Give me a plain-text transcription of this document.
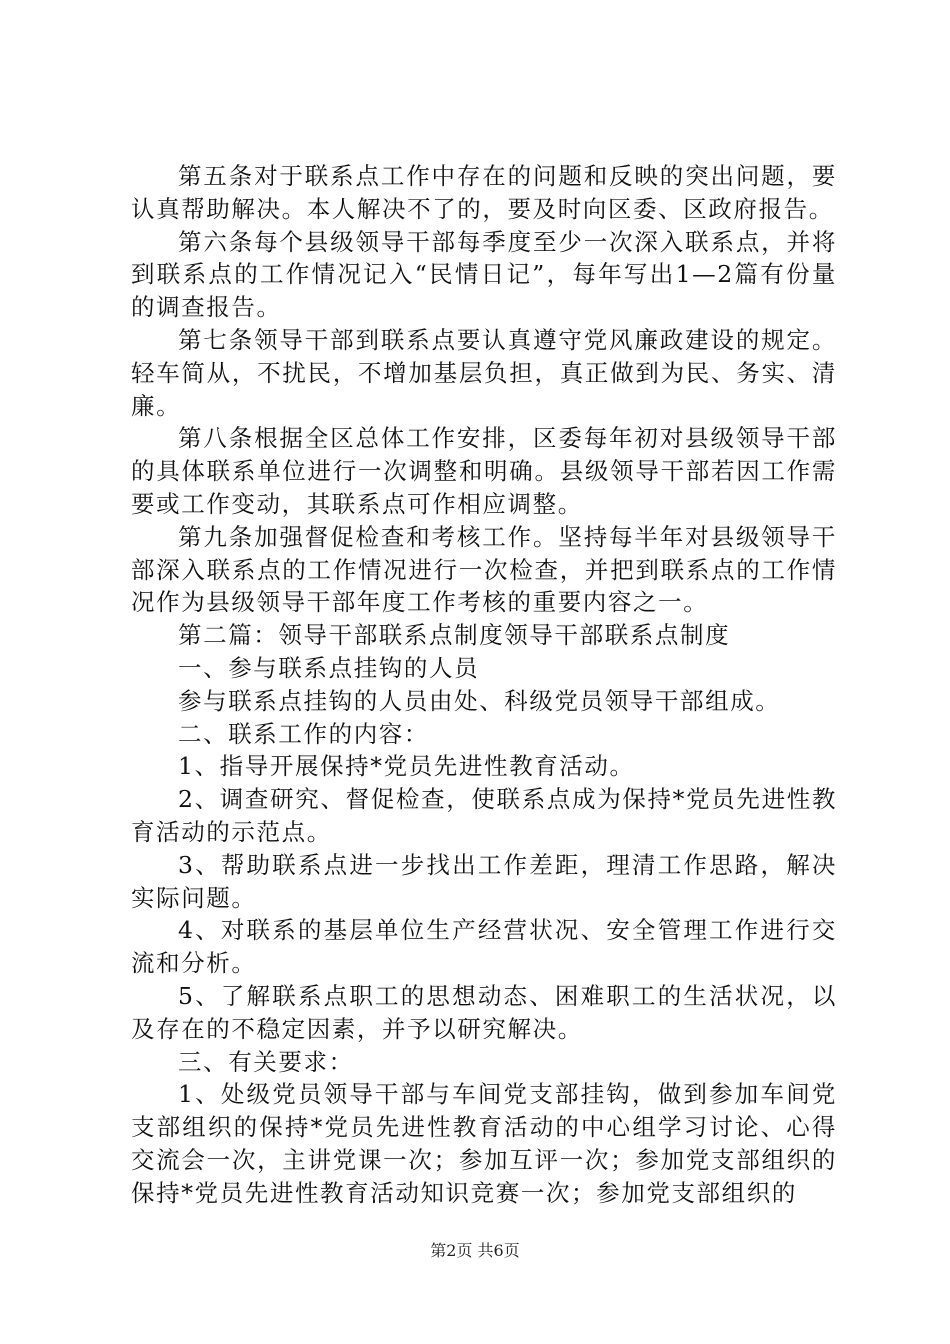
第五条对于联系点工作中存在的问题和反映的突出问题，要认真帮助解决。本人解决不了的，要及时向区委、区政府报告。

第六条每个县级领导干部每季度至少一次深入联系点，并将到联系点的工作情况记入“民情日记”，每年写出1—2篇有份量的调查报告。

第七条领导干部到联系点要认真遵守党风廉政建设的规定。轻车简从，不扰民，不增加基层负担，真正做到为民、务实、清廉。

第八条根据全区总体工作安排，区委每年初对县级领导干部的具体联系单位进行一次调整和明确。县级领导干部若因工作需要或工作变动，其联系点可作相应调整。

第九条加强督促检查和考核工作。坚持每半年对县级领导干部深入联系点的工作情况进行一次检查，并把到联系点的工作情况作为县级领导干部年度工作考核的重要内容之一。

第二篇：领导干部联系点制度领导干部联系点制度

一、参与联系点挂钩的人员

参与联系点挂钩的人员由处、科级党员领导干部组成。

二、联系工作的内容：

1、指导开展保持*党员先进性教育活动。

2、调查研究、督促检查，使联系点成为保持*党员先进性教育活动的示范点。

3、帮助联系点进一步找出工作差距，理清工作思路，解决实际问题。

4、对联系的基层单位生产经营状况、安全管理工作进行交流和分析。

5、了解联系点职工的思想动态、困难职工的生活状况，以及存在的不稳定因素，并予以研究解决。

三、有关要求：

1、处级党员领导干部与车间党支部挂钩，做到参加车间党支部组织的保持*党员先进性教育活动的中心组学习讨论、心得交流会一次，主讲党课一次；参加互评一次；参加党支部组织的保持*党员先进性教育活动知识竞赛一次；参加党支部组织的

第2页 共6页
